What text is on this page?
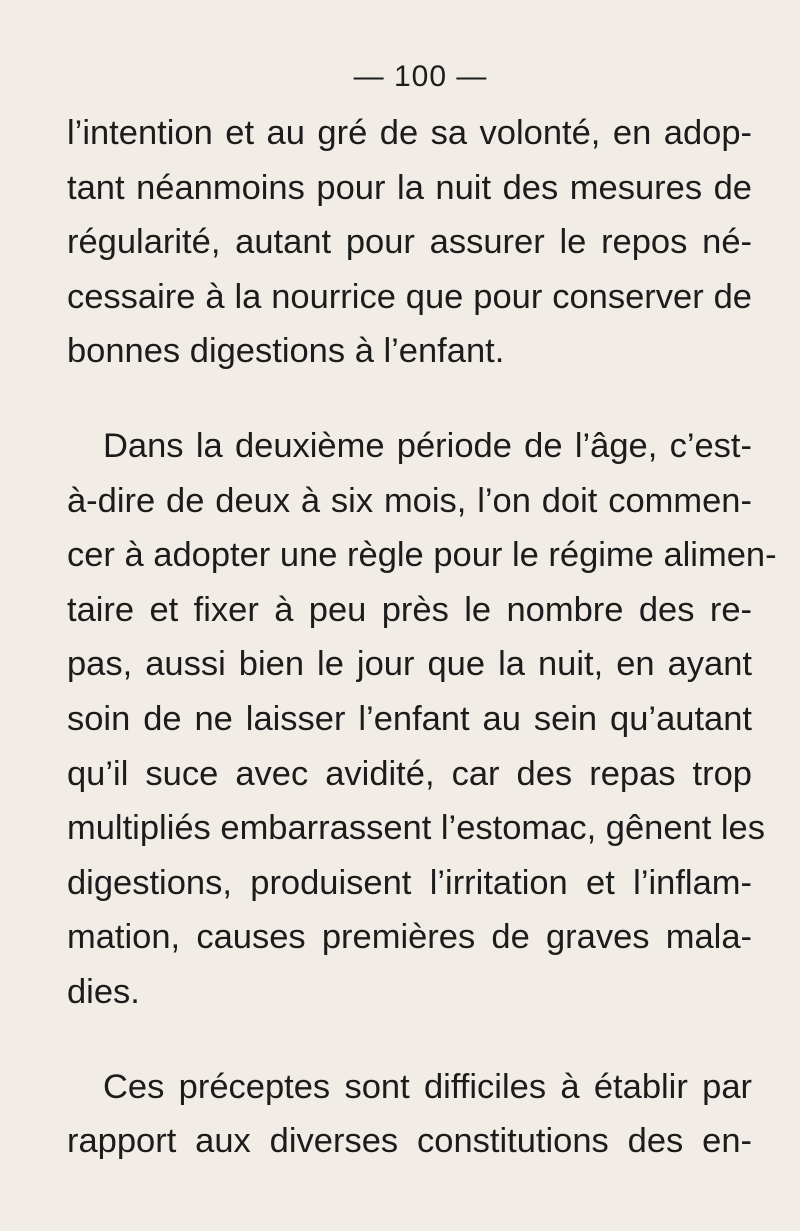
— 100 —
l’intention et au gré de sa volonté, en adop-
tant néanmoins pour la nuit des mesures de
régularité, autant pour assurer le repos né-
cessaire à la nourrice que pour conserver de
bonnes digestions à l’enfant.
Dans la deuxième période de l’âge, c’est-
à-dire de deux à six mois, l’on doit commen-
cer à adopter une règle pour le régime alimen-
taire et fixer à peu près le nombre des re-
pas, aussi bien le jour que la nuit, en ayant
soin de ne laisser l’enfant au sein qu’autant
qu’il suce avec avidité, car des repas trop
multipliés embarrassent l’estomac, gênent les
digestions, produisent l’irritation et l’inflam-
mation, causes premières de graves mala-
dies.
Ces préceptes sont difficiles à établir par
rapport aux diverses constitutions des en-
